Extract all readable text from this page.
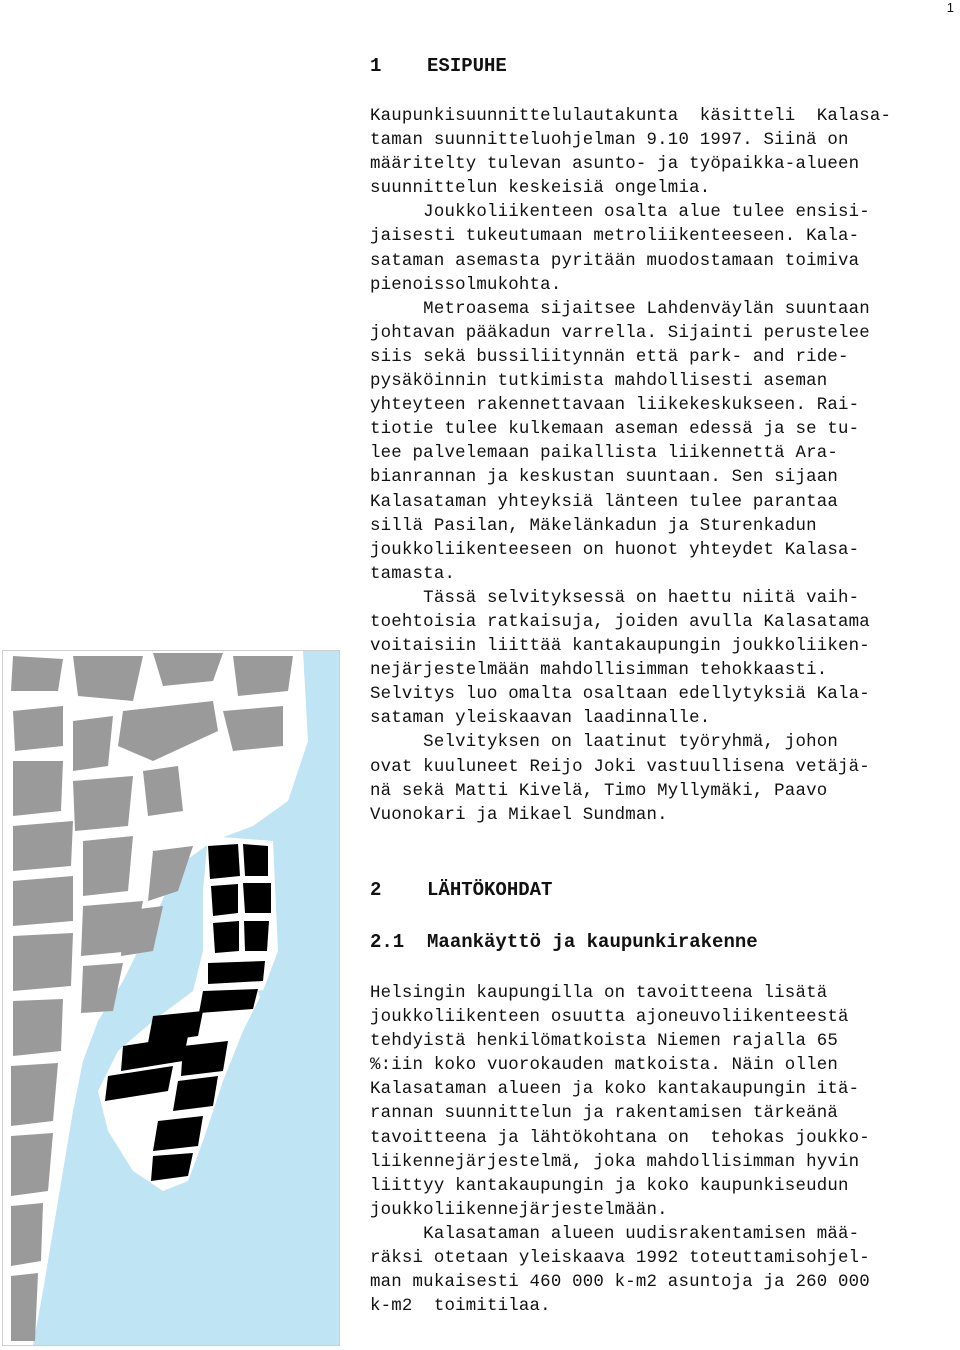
1
1    ESIPUHE

Kaupunkisuunnittelulautakunta  käsitteli  Kalasa-

taman suunnitteluohjelman 9.10 1997. Siinä on

määritelty tulevan asunto- ja työpaikka-alueen

suunnittelun keskeisiä ongelmia.

Joukkoliikenteen osalta alue tulee ensisi-

jaisesti tukeutumaan metroliikenteeseen. Kala-

sataman asemasta pyritään muodostamaan toimiva

pienoissolmukohta.

Metroasema sijaitsee Lahdenväylän suuntaan

johtavan pääkadun varrella. Sijainti perustelee

siis sekä bussiliitynnän että park- and ride-

pysäköinnin tutkimista mahdollisesti aseman

yhteyteen rakennettavaan liikekeskukseen. Rai-

tiotie tulee kulkemaan aseman edessä ja se tu-

lee palvelemaan paikallista liikennettä Ara-

bianrannan ja keskustan suuntaan. Sen sijaan

Kalasataman yhteyksiä länteen tulee parantaa

sillä Pasilan, Mäkelänkadun ja Sturenkadun

joukkoliikenteeseen on huonot yhteydet Kalasa-

tamasta.

Tässä selvityksessä on haettu niitä vaih-

toehtoisia ratkaisuja, joiden avulla Kalasatama

voitaisiin liittää kantakaupungin joukkoliiken-

nejärjestelmään mahdollisimman tehokkaasti.

Selvitys luo omalta osaltaan edellytyksiä Kala-

sataman yleiskaavan laadinnalle.

Selvityksen on laatinut työryhmä, johon

ovat kuuluneet Reijo Joki vastuullisena vetäjä-

nä sekä Matti Kivelä, Timo Myllymäki, Paavo

Vuonokari ja Mikael Sundman.

2    LÄHTÖKOHDAT
2.1  Maankäyttö ja kaupunkirakenne

Helsingin kaupungilla on tavoitteena lisätä

joukkoliikenteen osuutta ajoneuvoliikenteestä

tehdyistä henkilömatkoista Niemen rajalla 65

%:iin koko vuorokauden matkoista. Näin ollen

Kalasataman alueen ja koko kantakaupungin itä-

rannan suunnittelun ja rakentamisen tärkeänä

tavoitteena ja lähtökohtana on  tehokas joukko-

liikennejärjestelmä, joka mahdollisimman hyvin

liittyy kantakaupungin ja koko kaupunkiseudun

joukkoliikennejärjestelmään.

Kalasataman alueen uudisrakentamisen mää-

räksi otetaan yleiskaava 1992 toteuttamisohjel-

man mukaisesti 460 000 k-m2 asuntoja ja 260 000

k-m2  toimitilaa.
